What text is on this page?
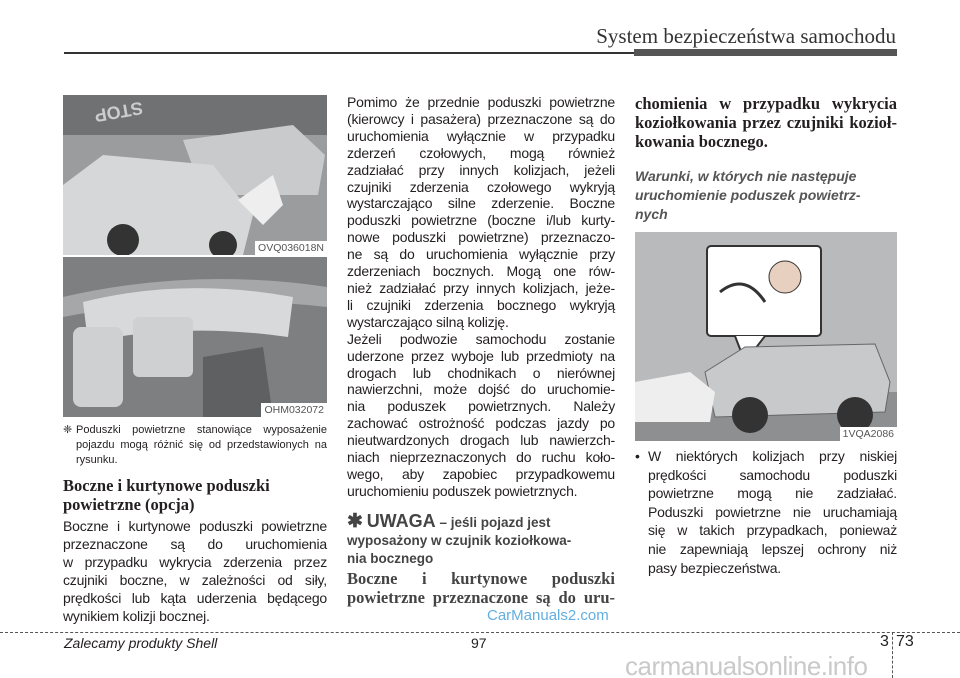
System bezpieczeństwa samochodu
STOP
OVQ036018N
OHM032072
❈ Poduszki powietrzne stanowiące wyposażenie
pojazdu mogą różnić się od przedstawionych na
rysunku.
Boczne i kurtynowe poduszki
powietrzne (opcja)
Boczne i kurtynowe poduszki powietrzne
przeznaczone są do uruchomienia
w przypadku wykrycia zderzenia przez
czujniki boczne, w zależności od siły,
prędkości lub kąta uderzenia będącego
wynikiem kolizji bocznej.
Pomimo że przednie poduszki powietrzne
(kierowcy i pasażera) przeznaczone są do
uruchomienia wyłącznie w przypadku
zderzeń czołowych, mogą również
zadziałać przy innych kolizjach, jeżeli
czujniki zderzenia czołowego wykryją
wystarczająco silne zderzenie. Boczne
poduszki powietrzne (boczne i/lub kurty-
nowe poduszki powietrzne) przeznaczo-
ne są do uruchomienia wyłącznie przy
zderzeniach bocznych. Mogą one rów-
nież zadziałać przy innych kolizjach, jeże-
li czujniki zderzenia bocznego wykryją
wystarczająco silną kolizję.
Jeżeli podwozie samochodu zostanie
uderzone przez wyboje lub przedmioty na
drogach lub chodnikach o nierównej
nawierzchni, może dojść do uruchomie-
nia poduszek powietrznych. Należy
zachować ostrożność podczas jazdy po
nieutwardzonych drogach lub nawierzch-
niach nieprzeznaczonych do ruchu koło-
wego, aby zapobiec przypadkowemu
uruchomieniu poduszek powietrznych.
✱ UWAGA – jeśli pojazd jest
wyposażony w czujnik koziołkowa-
nia bocznego
Boczne i kurtynowe poduszki
powietrzne przeznaczone są do uru-
CarManuals2.com
chomienia w przypadku wykrycia
koziołkowania przez czujniki kozioł-
kowania bocznego.
Warunki, w których nie następuje
uruchomienie poduszek powietrz-
nych
1VQA2086
• W niektórych kolizjach przy niskiej
prędkości samochodu poduszki
powietrzne mogą nie zadziałać.
Poduszki powietrzne nie uruchamiają
się w takich przypadkach, ponieważ
nie zapewniają lepszej ochrony niż
pasy bezpieczeństwa.
Zalecamy produkty Shell	97	3 73
carmanualsonline.info
